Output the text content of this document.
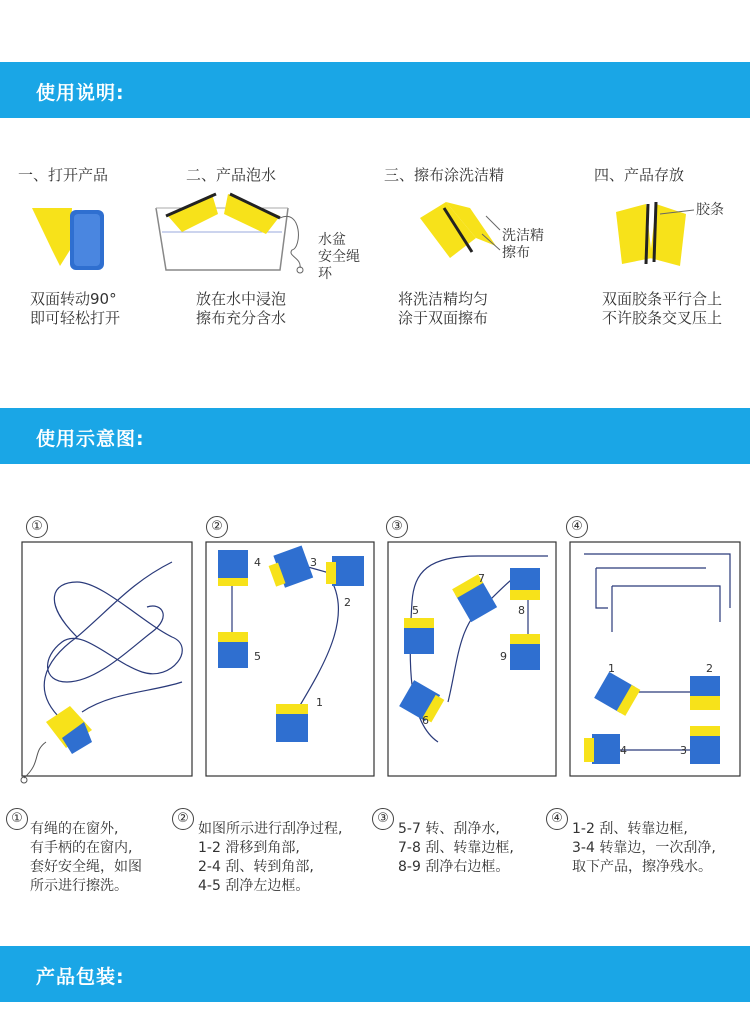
使用说明:
使用示意图:
产品包装:
一、打开产品	二、产品泡水	三、擦布涂洗洁精	四、产品存放
水盆
安全绳
环
洗洁精
擦布
胶条
双面转动90°
即可轻松打开
放在水中浸泡
擦布充分含水
将洗洁精均匀
涂于双面擦布
双面胶条平行合上
不许胶条交叉压上
①	②	③	④
4	3
2
5
1
7
8
5
9
6
1	2
4	3
①
有绳的在窗外,
有手柄的在窗内,
套好安全绳，如图
所示进行擦洗。
②
如图所示进行刮净过程,
1-2 滑移到角部,
2-4 刮、转到角部,
4-5 刮净左边框。
③
5-7 转、刮净水,
7-8 刮、转靠边框,
8-9 刮净右边框。
④
1-2 刮、转靠边框,
3-4 转靠边，一次刮净,
取下产品，擦净残水。
